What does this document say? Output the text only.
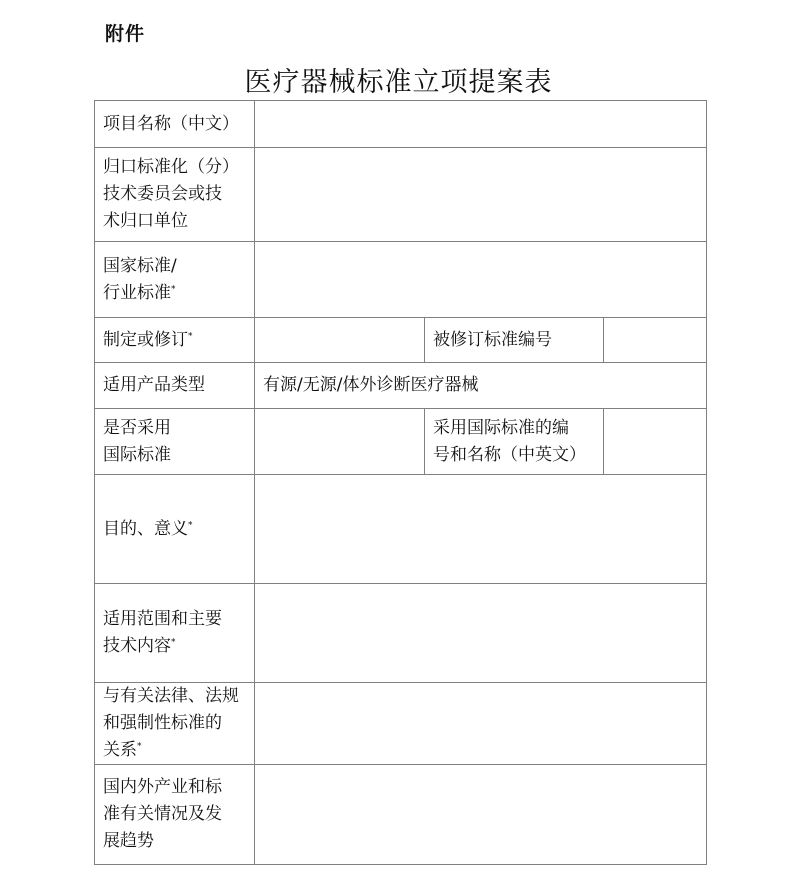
附件
医疗器械标准立项提案表
项目名称（中文）			

归口标准化（分）
技术委员会或技
术归口单位			

国家标准/
行业标准*

制定或修订*		被修订标准编号	
适用产品类型	有源/无源/体外诊断医疗器械		

是否采用
国际标准		采用国际标准的编
号和名称（中英文）	

目的、意义*	

适用范围和主要
技术内容*

与有关法律、法规
和强制性标准的
关系*

国内外产业和标
准有关情况及发
展趋势			
